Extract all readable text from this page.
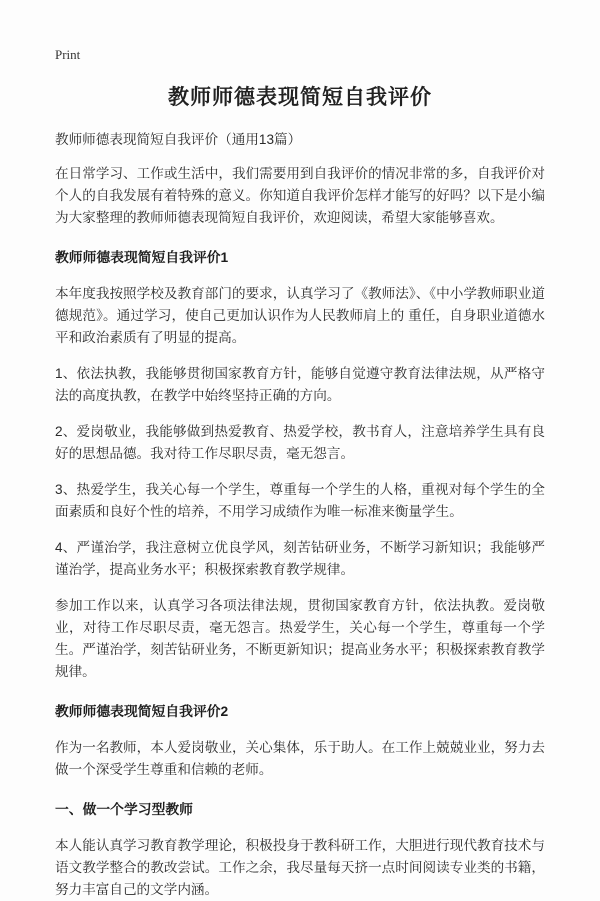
Print
教师师德表现简短自我评价

教师师德表现简短自我评价（通用13篇）

在日常学习、工作或生活中，我们需要用到自我评价的情况非常的多，自我评价对个人的自我发展有着特殊的意义。你知道自我评价怎样才能写的好吗？以下是小编为大家整理的教师师德表现简短自我评价，欢迎阅读，希望大家能够喜欢。

教师师德表现简短自我评价1

本年度我按照学校及教育部门的要求，认真学习了《教师法》、《中小学教师职业道德规范》。通过学习，使自己更加认识作为人民教师肩上的 重任，自身职业道德水平和政治素质有了明显的提高。

1、依法执教，我能够贯彻国家教育方针，能够自觉遵守教育法律法规，从严格守法的高度执教，在教学中始终坚持正确的方向。

2、爱岗敬业，我能够做到热爱教育、热爱学校，教书育人，注意培养学生具有良好的思想品德。我对待工作尽职尽责，毫无怨言。

3、热爱学生，我关心每一个学生，尊重每一个学生的人格，重视对每个学生的全面素质和良好个性的培养，不用学习成绩作为唯一标准来衡量学生。

4、严谨治学，我注意树立优良学风，刻苦钻研业务，不断学习新知识；我能够严谨治学，提高业务水平；积极探索教育教学规律。

参加工作以来，认真学习各项法律法规，贯彻国家教育方针，依法执教。爱岗敬业，对待工作尽职尽责，毫无怨言。热爱学生，关心每一个学生，尊重每一个学生。严谨治学，刻苦钻研业务，不断更新知识；提高业务水平；积极探索教育教学规律。

教师师德表现简短自我评价2

作为一名教师，本人爱岗敬业，关心集体，乐于助人。在工作上兢兢业业，努力去做一个深受学生尊重和信赖的老师。

一、做一个学习型教师

本人能认真学习教育教学理论，积极投身于教科研工作，大胆进行现代教育技术与语文教学整合的教改尝试。工作之余，我尽量每天挤一点时间阅读专业类的书籍，努力丰富自己的文学内涵。
